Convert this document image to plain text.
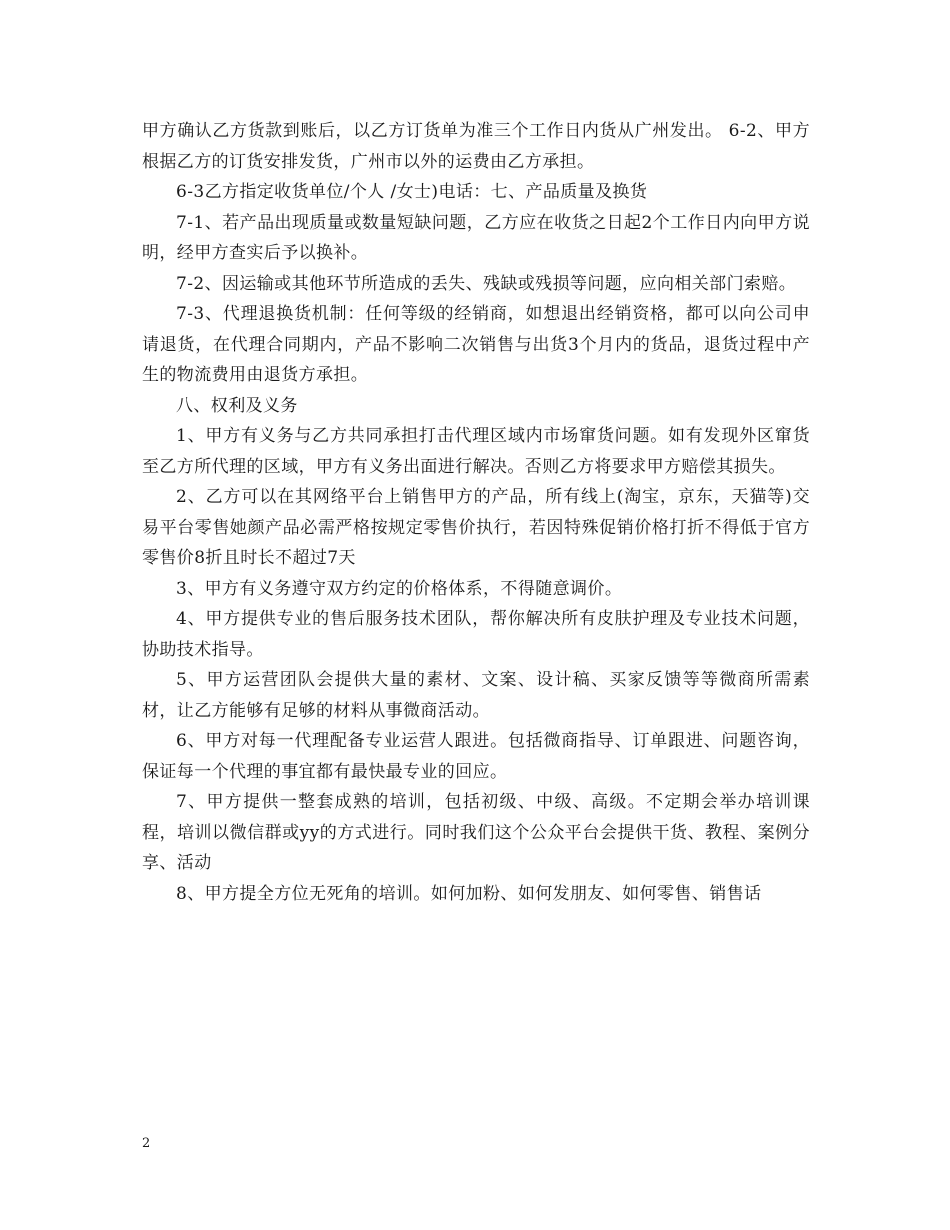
甲方确认乙方货款到账后，以乙方订货单为准三个工作日内货从广州发出。 6-2、甲方根据乙方的订货安排发货，广州市以外的运费由乙方承担。

6-3乙方指定收货单位/个人 /女士)电话：七、产品质量及换货

7-1、若产品出现质量或数量短缺问题，乙方应在收货之日起2个工作日内向甲方说明，经甲方查实后予以换补。

7-2、因运输或其他环节所造成的丢失、残缺或残损等问题，应向相关部门索赔。

7-3、代理退换货机制：任何等级的经销商，如想退出经销资格，都可以向公司申请退货，在代理合同期内，产品不影响二次销售与出货3个月内的货品，退货过程中产生的物流费用由退货方承担。

八、权利及义务

1、甲方有义务与乙方共同承担打击代理区域内市场窜货问题。如有发现外区窜货至乙方所代理的区域，甲方有义务出面进行解决。否则乙方将要求甲方赔偿其损失。

2、乙方可以在其网络平台上销售甲方的产品，所有线上(淘宝，京东，天猫等)交易平台零售她颜产品必需严格按规定零售价执行，若因特殊促销价格打折不得低于官方零售价8折且时长不超过7天

3、甲方有义务遵守双方约定的价格体系，不得随意调价。

4、甲方提供专业的售后服务技术团队，帮你解决所有皮肤护理及专业技术问题，协助技术指导。

5、甲方运营团队会提供大量的素材、文案、设计稿、买家反馈等等微商所需素材，让乙方能够有足够的材料从事微商活动。

6、甲方对每一代理配备专业运营人跟进。包括微商指导、订单跟进、问题咨询，保证每一个代理的事宜都有最快最专业的回应。

7、甲方提供一整套成熟的培训，包括初级、中级、高级。不定期会举办培训课程，培训以微信群或yy的方式进行。同时我们这个公众平台会提供干货、教程、案例分享、活动

8、甲方提全方位无死角的培训。如何加粉、如何发朋友、如何零售、销售话

2
